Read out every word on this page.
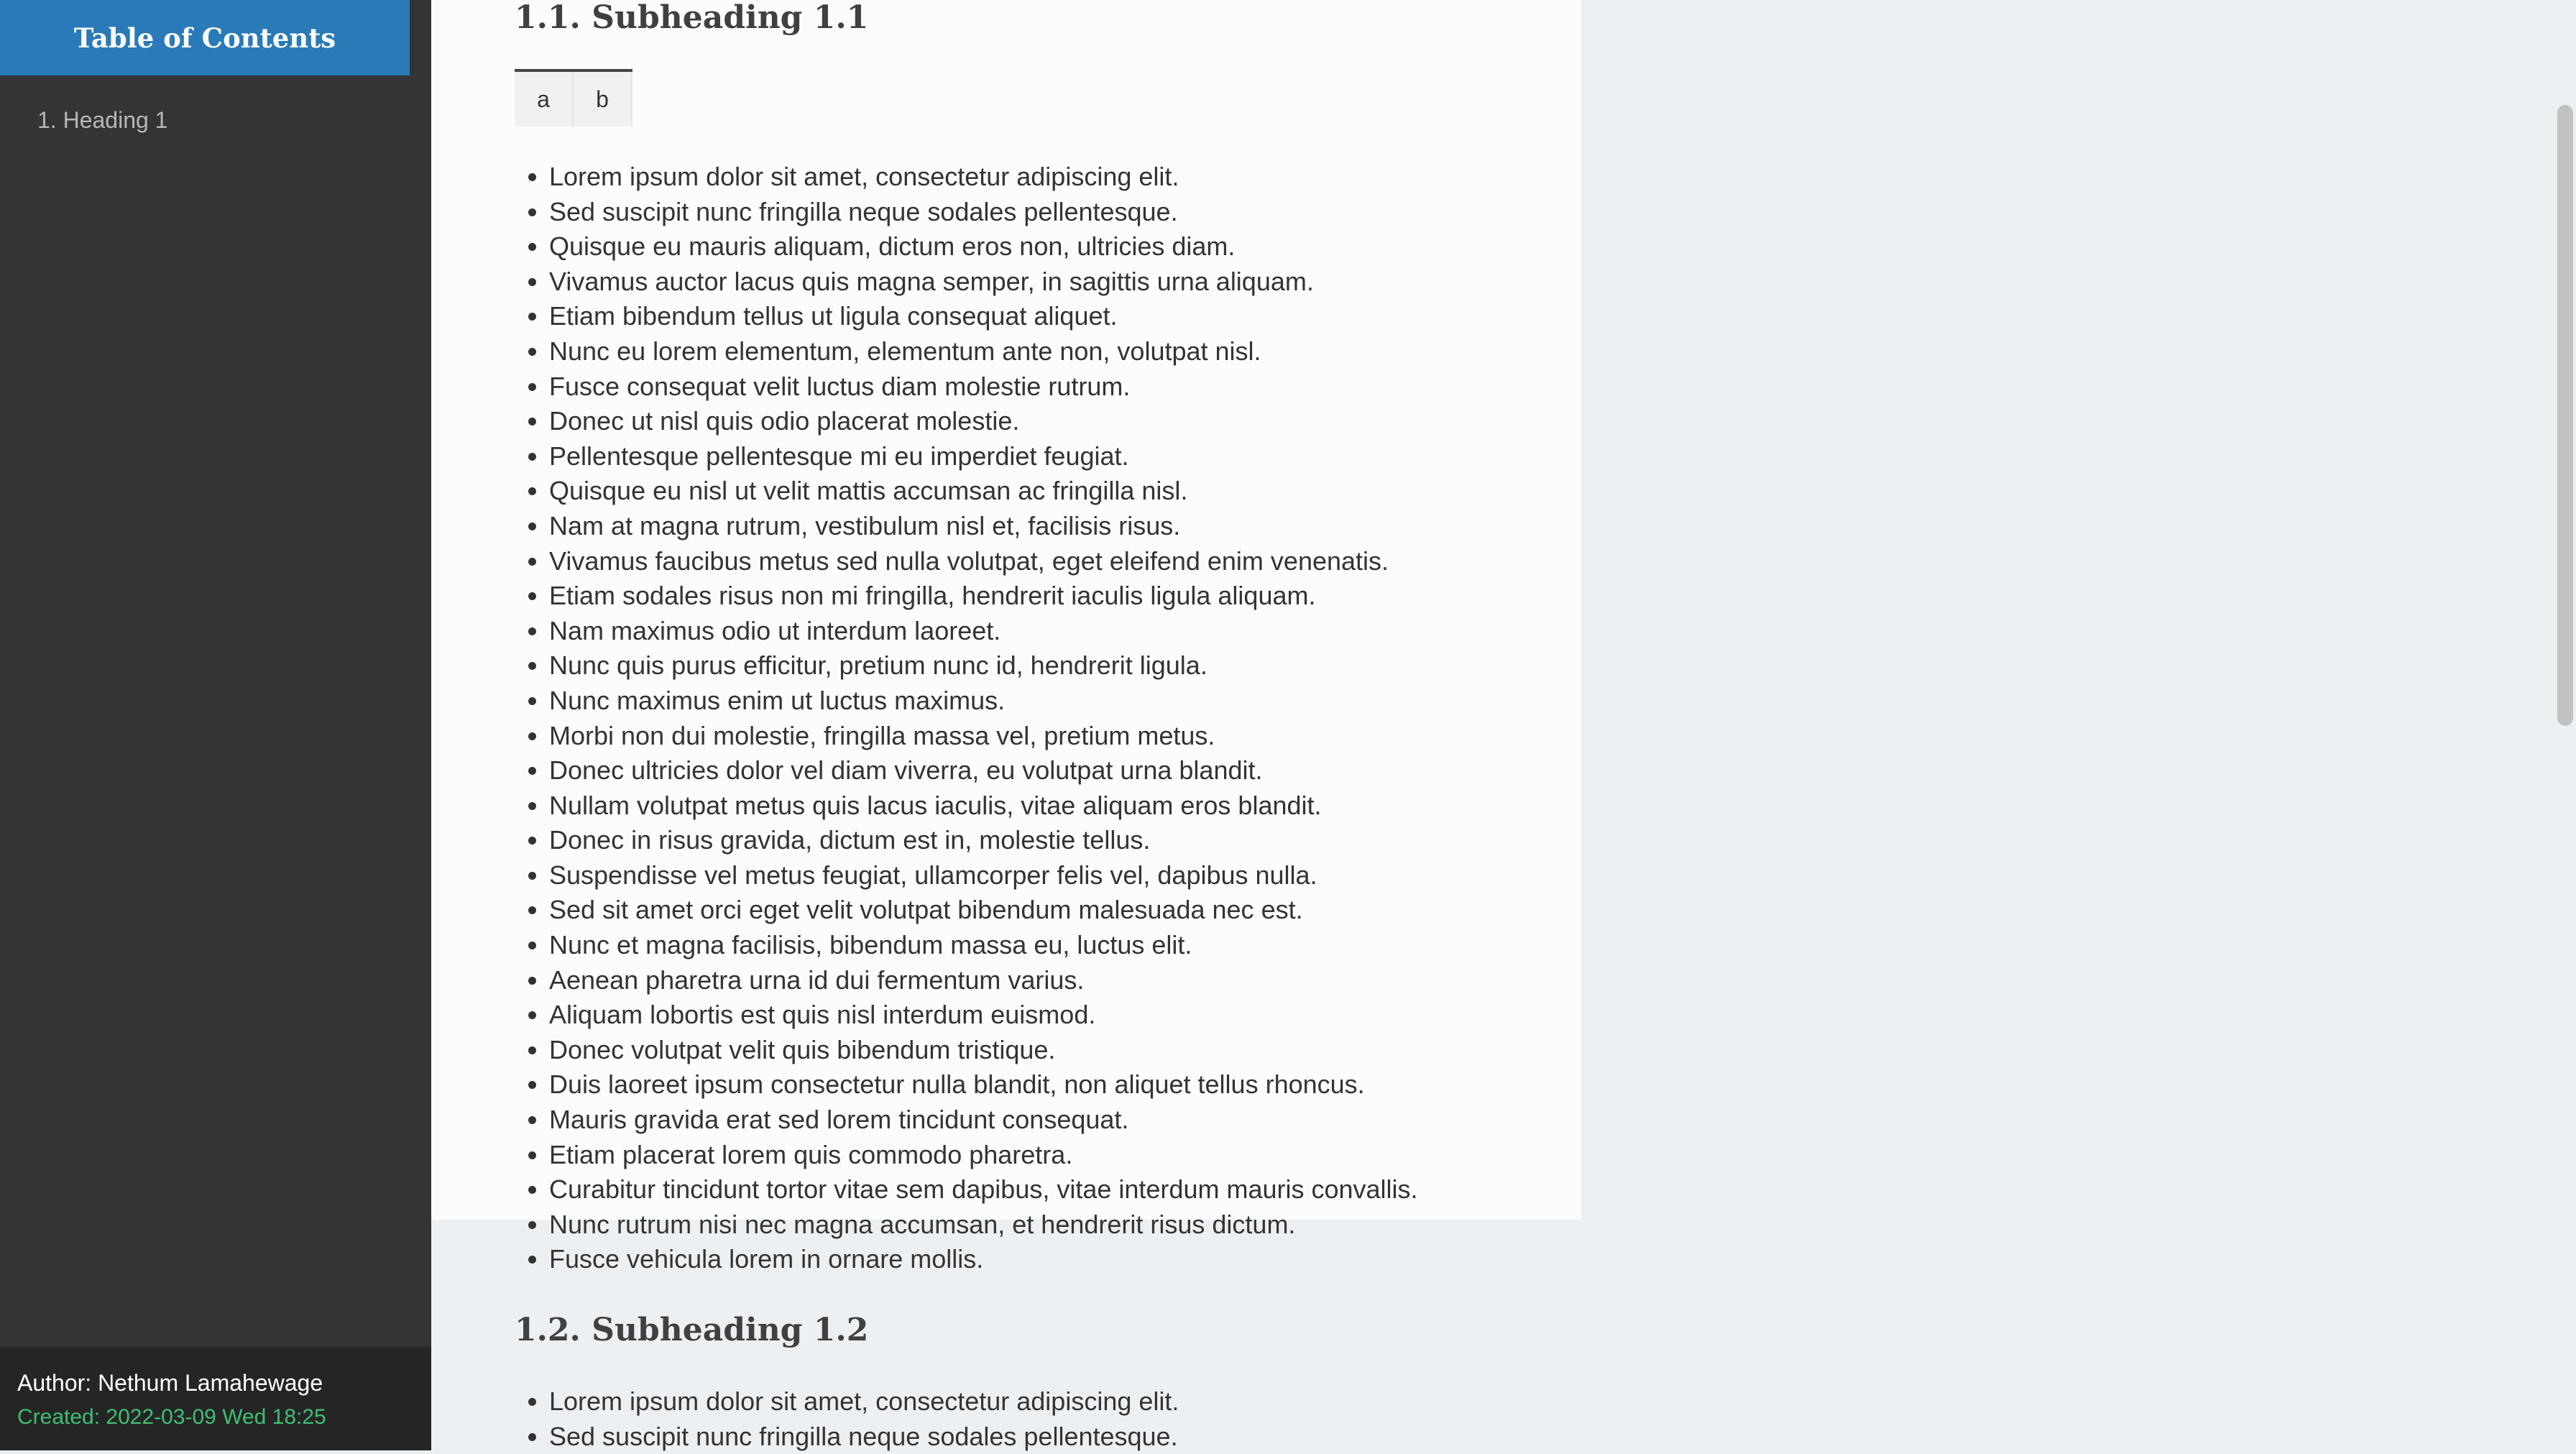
Table of Contents
1. Heading 1
Author: Nethum Lamahewage
Created: 2022-03-09 Wed 18:25
1.1. Subheading 1.1
a	b
• Lorem ipsum dolor sit amet, consectetur adipiscing elit.
• Sed suscipit nunc fringilla neque sodales pellentesque.
• Quisque eu mauris aliquam, dictum eros non, ultricies diam.
• Vivamus auctor lacus quis magna semper, in sagittis urna aliquam.
• Etiam bibendum tellus ut ligula consequat aliquet.
• Nunc eu lorem elementum, elementum ante non, volutpat nisl.
• Fusce consequat velit luctus diam molestie rutrum.
• Donec ut nisl quis odio placerat molestie.
• Pellentesque pellentesque mi eu imperdiet feugiat.
• Quisque eu nisl ut velit mattis accumsan ac fringilla nisl.
• Nam at magna rutrum, vestibulum nisl et, facilisis risus.
• Vivamus faucibus metus sed nulla volutpat, eget eleifend enim venenatis.
• Etiam sodales risus non mi fringilla, hendrerit iaculis ligula aliquam.
• Nam maximus odio ut interdum laoreet.
• Nunc quis purus efficitur, pretium nunc id, hendrerit ligula.
• Nunc maximus enim ut luctus maximus.
• Morbi non dui molestie, fringilla massa vel, pretium metus.
• Donec ultricies dolor vel diam viverra, eu volutpat urna blandit.
• Nullam volutpat metus quis lacus iaculis, vitae aliquam eros blandit.
• Donec in risus gravida, dictum est in, molestie tellus.
• Suspendisse vel metus feugiat, ullamcorper felis vel, dapibus nulla.
• Sed sit amet orci eget velit volutpat bibendum malesuada nec est.
• Nunc et magna facilisis, bibendum massa eu, luctus elit.
• Aenean pharetra urna id dui fermentum varius.
• Aliquam lobortis est quis nisl interdum euismod.
• Donec volutpat velit quis bibendum tristique.
• Duis laoreet ipsum consectetur nulla blandit, non aliquet tellus rhoncus.
• Mauris gravida erat sed lorem tincidunt consequat.
• Etiam placerat lorem quis commodo pharetra.
• Curabitur tincidunt tortor vitae sem dapibus, vitae interdum mauris convallis.
• Nunc rutrum nisi nec magna accumsan, et hendrerit risus dictum.
• Fusce vehicula lorem in ornare mollis.
1.2. Subheading 1.2
• Lorem ipsum dolor sit amet, consectetur adipiscing elit.
• Sed suscipit nunc fringilla neque sodales pellentesque.
